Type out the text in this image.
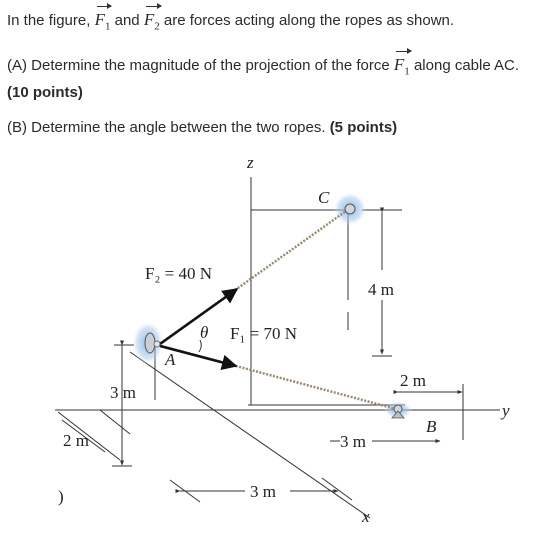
In the figure, $F_1$ and $F_2$ are forces acting along the ropes as shown.

(A) Determine the magnitude of the projection of the force $F_1$ along cable AC. (10 points)

(B) Determine the angle between the two ropes. (5 points)

z
C
F₂ = 40 N
4 m
θ F₁ = 70 N
A
2 m
3 m
y
B
2 m	3 m
3 m
x
)
